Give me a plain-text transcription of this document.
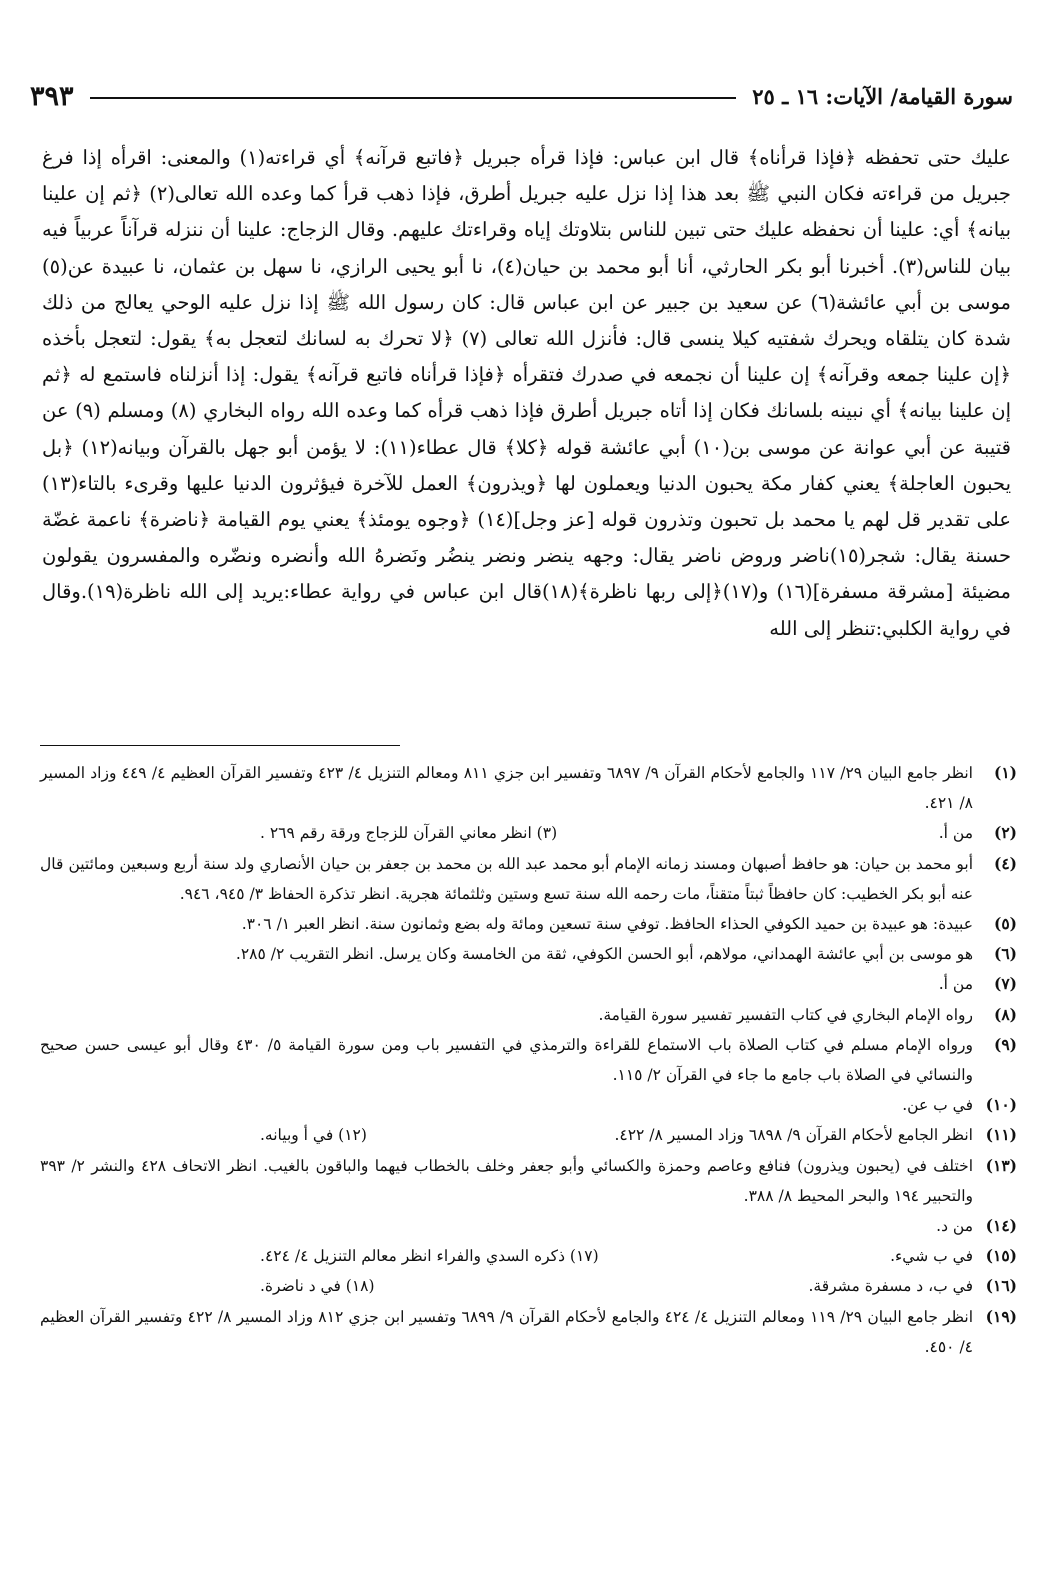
سورة القيامة/ الآيات: ١٦ ـ ٢٥
٣٩٣

عليك حتى تحفظه ﴿فإذا قرأناه﴾ قال ابن عباس: فإذا قرأه جبريل ﴿فاتبع قرآنه﴾ أي قراءته(١) والمعنى: اقرأه إذا فرغ جبريل من قراءته فكان النبي ﷺ بعد هذا إذا نزل عليه جبريل أطرق، فإذا ذهب قرأ كما وعده الله تعالى(٢) ﴿ثم إن علينا بيانه﴾ أي: علينا أن نحفظه عليك حتى تبين للناس بتلاوتك إياه وقراءتك عليهم. وقال الزجاج: علينا أن ننزله قرآناً عربياً فيه بيان للناس(٣). أخبرنا أبو بكر الحارثي، أنا أبو محمد بن حيان(٤)، نا أبو يحيى الرازي، نا سهل بن عثمان، نا عبيدة عن(٥) موسى بن أبي عائشة(٦) عن سعيد بن جبير عن ابن عباس قال: كان رسول الله ﷺ إذا نزل عليه الوحي يعالج من ذلك شدة كان يتلقاه ويحرك شفتيه كيلا ينسى قال: فأنزل الله تعالى (٧) ﴿لا تحرك به لسانك لتعجل به﴾ يقول: لتعجل بأخذه ﴿إن علينا جمعه وقرآنه﴾ إن علينا أن نجمعه في صدرك فتقرأه ﴿فإذا قرأناه فاتبع قرآنه﴾ يقول: إذا أنزلناه فاستمع له ﴿ثم إن علينا بيانه﴾ أي نبينه بلسانك فكان إذا أتاه جبريل أطرق فإذا ذهب قرأه كما وعده الله رواه البخاري (٨) ومسلم (٩) عن قتيبة عن أبي عوانة عن موسى بن(١٠) أبي عائشة قوله ﴿كلا﴾ قال عطاء(١١): لا يؤمن أبو جهل بالقرآن وبيانه(١٢) ﴿بل يحبون العاجلة﴾ يعني كفار مكة يحبون الدنيا ويعملون لها ﴿ويذرون﴾ العمل للآخرة فيؤثرون الدنيا عليها وقرىء بالتاء(١٣) على تقدير قل لهم يا محمد بل تحبون وتذرون قوله [عز وجل](١٤) ﴿وجوه يومئذ﴾ يعني يوم القيامة ﴿ناضرة﴾ ناعمة غضّة حسنة يقال: شجر(١٥)ناضر وروض ناضر يقال: وجهه ينضر ونضر ينضُر ونَضرهُ الله وأنضره ونضّره والمفسرون يقولون مضيئة [مشرقة مسفرة](١٦) و(١٧)﴿إلى ربها ناظرة﴾(١٨)قال ابن عباس في رواية عطاء:يريد إلى الله ناظرة(١٩).وقال في رواية الكلبي:تنظر إلى الله

(١)
انظر جامع البيان ٢٩/ ١١٧ والجامع لأحكام القرآن ٩/ ٦٨٩٧ وتفسير ابن جزي ٨١١ ومعالم التنزيل ٤/ ٤٢٣ وتفسير القرآن العظيم ٤/ ٤٤٩ وزاد المسير ٨/ ٤٢١.
(٢)
من أ.
(٣) انظر معاني القرآن للزجاج ورقة رقم ٢٦٩ .
(٤)
أبو محمد بن حيان: هو حافظ أصبهان ومسند زمانه الإمام أبو محمد عبد الله بن محمد بن جعفر بن حيان الأنصاري ولد سنة أربع وسبعين ومائتين قال عنه أبو بكر الخطيب: كان حافظاً ثبتاً متقناً، مات رحمه الله سنة تسع وستين وثلثمائة هجرية. انظر تذكرة الحفاظ ٣/ ٩٤٥، ٩٤٦.
(٥)
عبيدة: هو عبيدة بن حميد الكوفي الحذاء الحافظ. توفي سنة تسعين ومائة وله بضع وثمانون سنة. انظر العبر ١/ ٣٠٦.
(٦)
هو موسى بن أبي عائشة الهمداني، مولاهم، أبو الحسن الكوفي، ثقة من الخامسة وكان يرسل. انظر التقريب ٢/ ٢٨٥.
(٧)
من أ.
(٨)
رواه الإمام البخاري في كتاب التفسير تفسير سورة القيامة.
(٩)
ورواه الإمام مسلم في كتاب الصلاة باب الاستماع للقراءة والترمذي في التفسير باب ومن سورة القيامة ٥/ ٤٣٠ وقال أبو عيسى حسن صحيح والنسائي في الصلاة باب جامع ما جاء في القرآن ٢/ ١١٥.
(١٠)
في ب عن.
(١١)
انظر الجامع لأحكام القرآن ٩/ ٦٨٩٨ وزاد المسير ٨/ ٤٢٢.
(١٢) في أ وبيانه.
(١٣)
اختلف في (يحبون ويذرون) فنافع وعاصم وحمزة والكسائي وأبو جعفر وخلف بالخطاب فيهما والباقون بالغيب. انظر الاتحاف ٤٢٨ والنشر ٢/ ٣٩٣ والتحبير ١٩٤ والبحر المحيط ٨/ ٣٨٨.
(١٤)
من د.
(١٥)
في ب شيء.
(١٧) ذكره السدي والفراء انظر معالم التنزيل ٤/ ٤٢٤.
(١٦)
في ب، د مسفرة مشرقة.
(١٨) في د ناضرة.
(١٩)
انظر جامع البيان ٢٩/ ١١٩ ومعالم التنزيل ٤/ ٤٢٤ والجامع لأحكام القرآن ٩/ ٦٨٩٩ وتفسير ابن جزي ٨١٢ وزاد المسير ٨/ ٤٢٢ وتفسير القرآن العظيم ٤/ ٤٥٠.
